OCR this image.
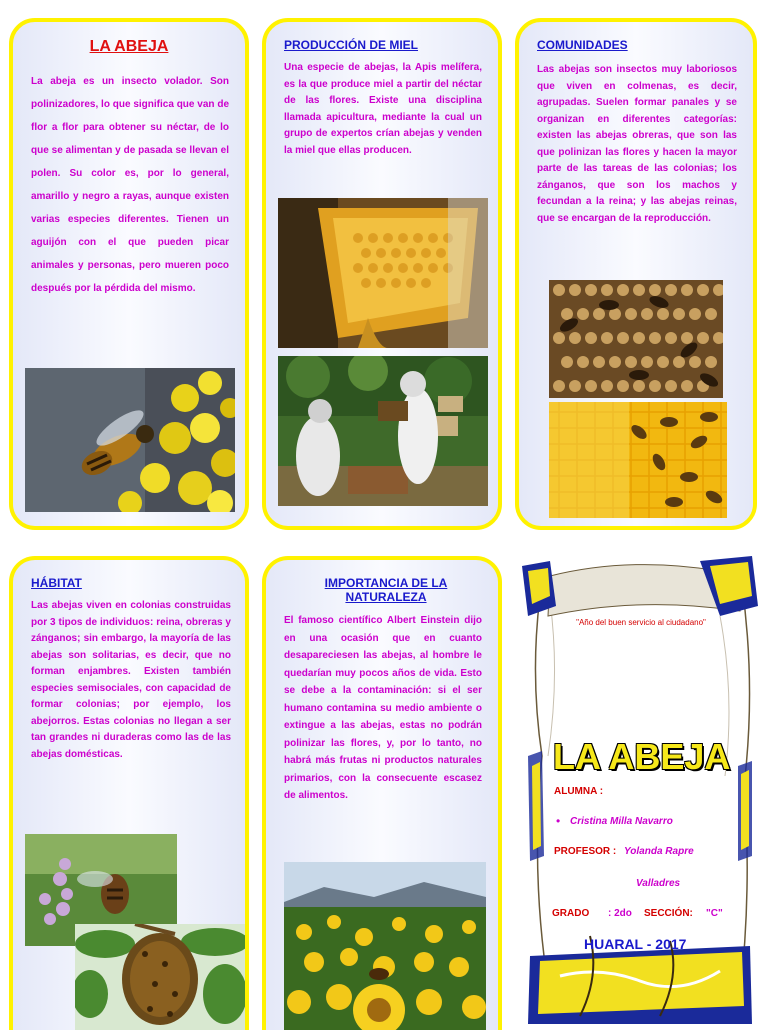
LA ABEJA

La abeja es un insecto volador. Son polinizadores, lo que significa que van de flor a flor para obtener su néctar, de lo que se alimentan y de pasada se llevan el polen. Su color es, por lo general, amarillo y negro a rayas, aunque existen varias especies diferentes. Tienen un aguijón con el que pueden picar animales y personas, pero mueren poco después por la pérdida del mismo.

PRODUCCIÓN DE MIEL

Una especie de abejas, la Apis melífera, es la que produce miel a partir del néctar de las flores. Existe una disciplina llamada apicultura, mediante la cual un grupo de expertos crían abejas y venden la miel que ellas producen.

COMUNIDADES

Las abejas son insectos muy laboriosos que viven en colmenas, es decir, agrupadas. Suelen formar panales y se organizan en diferentes categorías: existen las abejas obreras, que son las que polinizan las flores y hacen la mayor parte de las tareas de las colonias; los zánganos, que son los machos y fecundan a la reina; y las abejas reinas, que se encargan de la reproducción.

HÁBITAT

Las abejas viven en colonias construidas por 3 tipos de individuos: reina, obreras y zánganos; sin embargo, la mayoría de las abejas son solitarias, es decir, que no forman enjambres. Existen también especies semisociales, con capacidad de formar colonias; por ejemplo, los abejorros. Estas colonias no llegan a ser tan grandes ni duraderas como las de las abejas domésticas.

IMPORTANCIA DE LA NATURALEZA

El famoso científico Albert Einstein dijo en una ocasión que en cuanto desapareciesen las abejas, al hombre le quedarían muy pocos años de vida. Esto se debe a la contaminación: si el ser humano contamina su medio ambiente o extingue a las abejas, estas no podrán polinizar las flores, y, por lo tanto, no habrá más frutas ni productos naturales primarios, con la consecuente escasez de alimentos.

"Año del buen servicio al ciudadano"
LA ABEJA
ALUMNA :
• Cristina Milla Navarro
PROFESOR : Yolanda Rapre
Valladres
GRADO : 2do SECCIÓN: "C"
HUARAL - 2017
